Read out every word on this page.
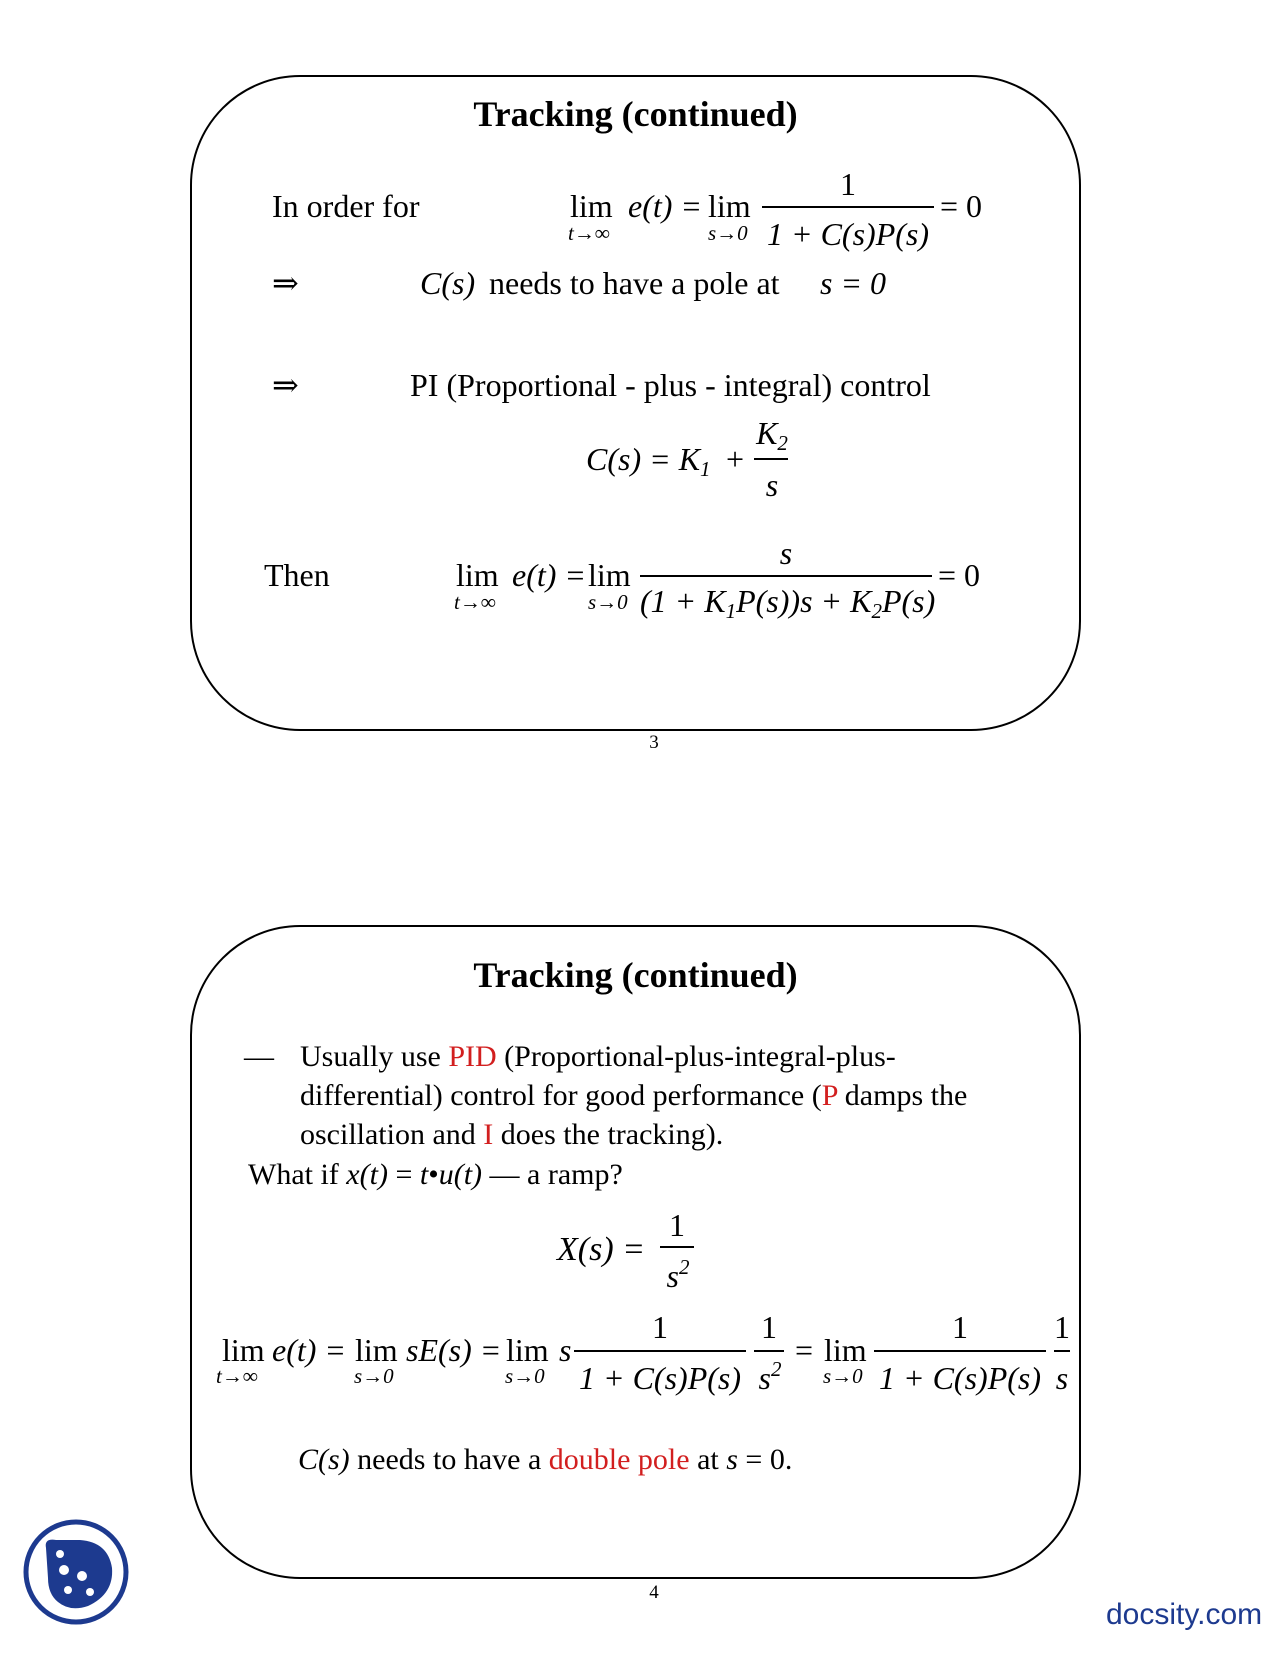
Tracking (continued)
In order for	lim
t→∞
e(t) = lim
s→0
1
1 + C(s)P(s)
= 0
⇒	C(s) needs to have a pole at s = 0
⇒	PI (Proportional - plus - integral) control
C(s) = K1 +
K2
s
Then	lim
t→∞
e(t) = lim
s→0
s
(1 + K1P(s))s + K2P(s)
= 0
3
Tracking (continued)
— Usually use PID (Proportional-plus-integral-plus-
differential) control for good performance (P damps the
oscillation and I does the tracking).
What if x(t) = t•u(t) — a ramp?
X(s) =
1
$s^2$
lim
t→∞
e(t) = lim
s→0
sE(s) = lim
s→0
s
1
1 + C(s)P(s)
1
$s^2$
= lim
s→0
1
1 + C(s)P(s)
1
s
C(s) needs to have a double pole at s = 0.
4
docsity.com
